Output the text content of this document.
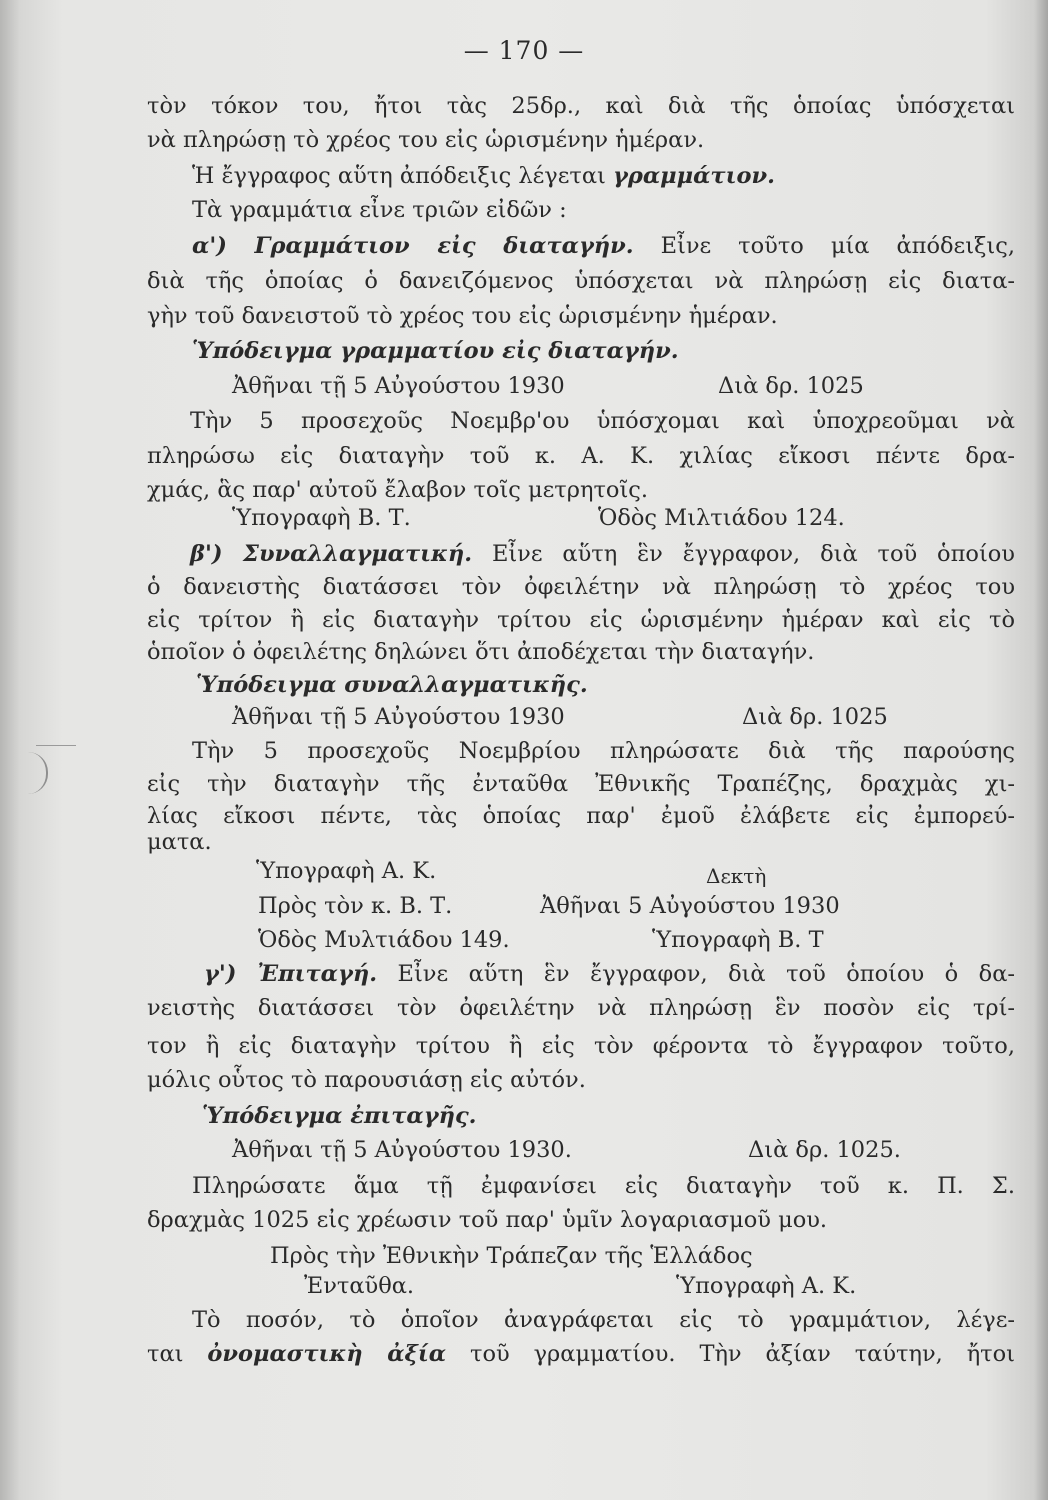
— 170 —
τὸν τόκον του, ἤτοι τὰς 25δρ., καὶ διὰ τῆς ὁποίας ὑπόσχεται
νὰ πληρώσῃ τὸ χρέος του εἰς ὡρισμένην ἡμέραν.
Ἡ ἔγγραφος αὕτη ἀπόδειξις λέγεται γραμμάτιον.
Τὰ γραμμάτια εἶνε τριῶν εἰδῶν :
α') Γραμμάτιον εἰς διαταγήν. Εἶνε τοῦτο μία ἀπόδειξις,
διὰ τῆς ὁποίας ὁ δανειζόμενος ὑπόσχεται νὰ πληρώσῃ εἰς διατα-
γὴν τοῦ δανειστοῦ τὸ χρέος του εἰς ὡρισμένην ἡμέραν.
Ὑπόδειγμα γραμματίου εἰς διαταγήν.
Ἀθῆναι τῇ 5 Αὐγούστου 1930	Διὰ δρ. 1025
Τὴν 5 προσεχοῦς Νοεμβρ'ου ὑπόσχομαι καὶ ὑποχρεοῦμαι νὰ
πληρώσω εἰς διαταγὴν τοῦ κ. Α. Κ. χιλίας εἴκοσι πέντε δρα-
χμάς, ἃς παρ' αὐτοῦ ἔλαβον τοῖς μετρητοῖς.
Ὑπογραφὴ Β. Τ.	Ὁδὸς Μιλτιάδου 124.
β') Συναλλαγματική. Εἶνε αὕτη ἓν ἔγγραφον, διὰ τοῦ ὁποίου
ὁ δανειστὴς διατάσσει τὸν ὀφειλέτην νὰ πληρώσῃ τὸ χρέος του
εἰς τρίτον ἢ εἰς διαταγὴν τρίτου εἰς ὡρισμένην ἡμέραν καὶ εἰς τὸ
ὁποῖον ὁ ὀφειλέτης δηλώνει ὅτι ἀποδέχεται τὴν διαταγήν.
Ὑπόδειγμα συναλλαγματικῆς.
Ἀθῆναι τῇ 5 Αὐγούστου 1930	Διὰ δρ. 1025
Τὴν 5 προσεχοῦς Νοεμβρίου πληρώσατε διὰ τῆς παρούσης
εἰς τὴν διαταγὴν τῆς ἐνταῦθα Ἐθνικῆς Τραπέζης, δραχμὰς χι-
λίας εἴκοσι πέντε, τὰς ὁποίας παρ' ἐμοῦ ἐλάβετε εἰς ἐμπορεύ-
ματα.
Ὑπογραφὴ Α. Κ.	Δεκτὴ
Πρὸς τὸν κ. Β. Τ.	Ἀθῆναι 5 Αὐγούστου 1930
Ὁδὸς Μυλτιάδου 149.	Ὑπογραφὴ Β. Τ
γ') Ἐπιταγή. Εἶνε αὕτη ἓν ἔγγραφον, διὰ τοῦ ὁποίου ὁ δα-
νειστὴς διατάσσει τὸν ὀφειλέτην νὰ πληρώσῃ ἓν ποσὸν εἰς τρί-
τον ἢ εἰς διαταγὴν τρίτου ἢ εἰς τὸν φέροντα τὸ ἔγγραφον τοῦτο,
μόλις οὗτος τὸ παρουσιάσῃ εἰς αὐτόν.
Ὑπόδειγμα ἐπιταγῆς.
Ἀθῆναι τῇ 5 Αὐγούστου 1930.	Διὰ δρ. 1025.
Πληρώσατε ἅμα τῇ ἐμφανίσει εἰς διαταγὴν τοῦ κ. Π. Σ.
δραχμὰς 1025 εἰς χρέωσιν τοῦ παρ' ὑμῖν λογαριασμοῦ μου.
Πρὸς τὴν Ἐθνικὴν Τράπεζαν τῆς Ἑλλάδος
Ἐνταῦθα.	Ὑπογραφὴ Α. Κ.
Τὸ ποσόν, τὸ ὁποῖον ἀναγράφεται εἰς τὸ γραμμάτιον, λέγε-
ται ὀνομαστικὴ ἀξία τοῦ γραμματίου. Τὴν ἀξίαν ταύτην, ἤτοι
